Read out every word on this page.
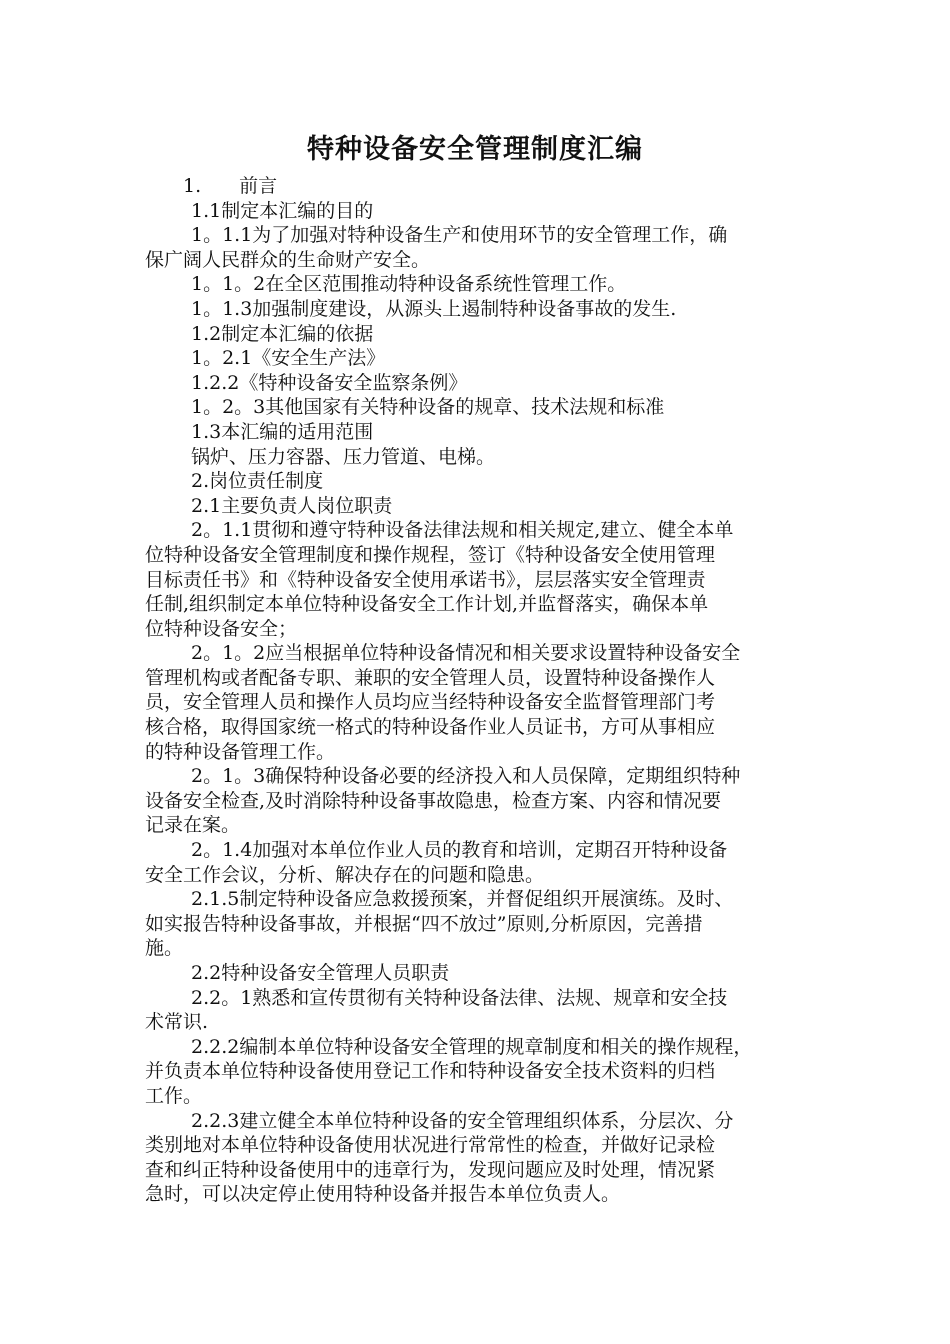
特种设备安全管理制度汇编
1.　　前言
1.1制定本汇编的目的
1。1.1为了加强对特种设备生产和使用环节的安全管理工作，确
保广阔人民群众的生命财产安全。
1。1。2在全区范围推动特种设备系统性管理工作。
1。1.3加强制度建设，从源头上遏制特种设备事故的发生.
1.2制定本汇编的依据
1。2.1《安全生产法》
1.2.2《特种设备安全监察条例》
1。2。3其他国家有关特种设备的规章、技术法规和标准
1.3本汇编的适用范围
锅炉、压力容器、压力管道、电梯。
2.岗位责任制度
2.1主要负责人岗位职责
2。1.1贯彻和遵守特种设备法律法规和相关规定,建立、健全本单
位特种设备安全管理制度和操作规程，签订《特种设备安全使用管理
目标责任书》和《特种设备安全使用承诺书》，层层落实安全管理责
任制,组织制定本单位特种设备安全工作计划,并监督落实，确保本单
位特种设备安全；
2。1。2应当根据单位特种设备情况和相关要求设置特种设备安全
管理机构或者配备专职、兼职的安全管理人员，设置特种设备操作人
员，安全管理人员和操作人员均应当经特种设备安全监督管理部门考
核合格，取得国家统一格式的特种设备作业人员证书，方可从事相应
的特种设备管理工作。
2。1。3确保特种设备必要的经济投入和人员保障，定期组织特种
设备安全检查,及时消除特种设备事故隐患，检查方案、内容和情况要
记录在案。
2。1.4加强对本单位作业人员的教育和培训，定期召开特种设备
安全工作会议，分析、解决存在的问题和隐患。
2.1.5制定特种设备应急救援预案，并督促组织开展演练。及时、
如实报告特种设备事故，并根据“四不放过”原则,分析原因，完善措
施。
2.2特种设备安全管理人员职责
2.2。1熟悉和宣传贯彻有关特种设备法律、法规、规章和安全技
术常识.
2.2.2编制本单位特种设备安全管理的规章制度和相关的操作规程，
并负责本单位特种设备使用登记工作和特种设备安全技术资料的归档
工作。
2.2.3建立健全本单位特种设备的安全管理组织体系，分层次、分
类别地对本单位特种设备使用状况进行常常性的检查，并做好记录检
查和纠正特种设备使用中的违章行为，发现问题应及时处理，情况紧
急时，可以决定停止使用特种设备并报告本单位负责人。
